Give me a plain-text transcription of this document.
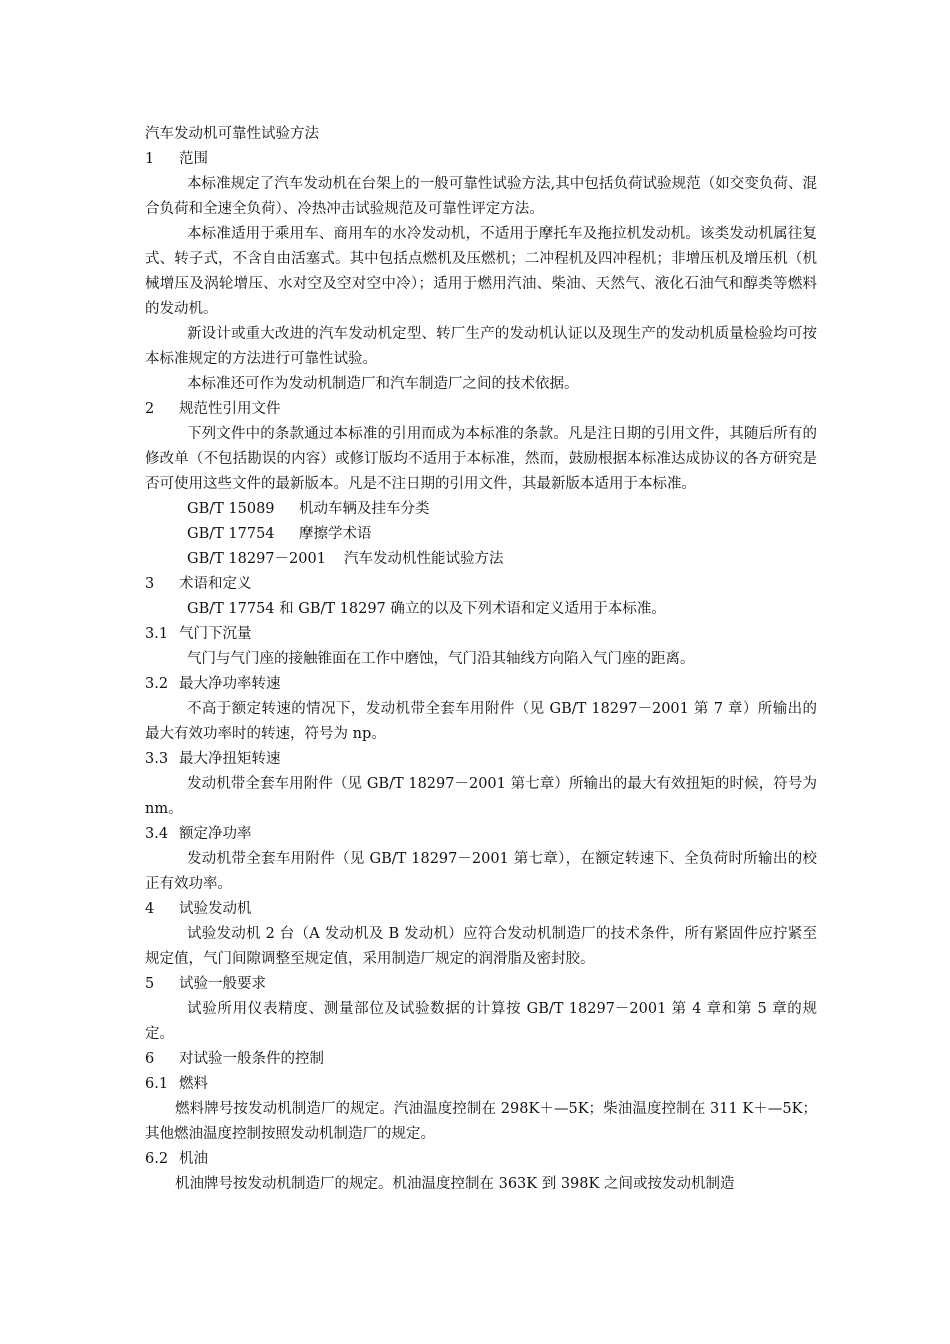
汽车发动机可靠性试验方法
1 范围
本标准规定了汽车发动机在台架上的一般可靠性试验方法,其中包括负荷试验规范（如交变负荷、混合负荷和全速全负荷）、冷热冲击试验规范及可靠性评定方法。
本标准适用于乘用车、商用车的水冷发动机，不适用于摩托车及拖拉机发动机。该类发动机属往复式、转子式，不含自由活塞式。其中包括点燃机及压燃机；二冲程机及四冲程机；非增压机及增压机（机械增压及涡轮增压、水对空及空对空中冷）；适用于燃用汽油、柴油、天然气、液化石油气和醇类等燃料的发动机。
新设计或重大改进的汽车发动机定型、转厂生产的发动机认证以及现生产的发动机质量检验均可按本标准规定的方法进行可靠性试验。
本标准还可作为发动机制造厂和汽车制造厂之间的技术依据。
2 规范性引用文件
下列文件中的条款通过本标准的引用而成为本标准的条款。凡是注日期的引用文件，其随后所有的修改单（不包括勘误的内容）或修订版均不适用于本标准，然而，鼓励根据本标准达成协议的各方研究是否可使用这些文件的最新版本。凡是不注日期的引用文件，其最新版本适用于本标准。
GB/T 15089 机动车辆及挂车分类
GB/T 17754 摩擦学术语
GB/T 18297－2001 汽车发动机性能试验方法
3 术语和定义
GB/T 17754 和 GB/T 18297 确立的以及下列术语和定义适用于本标准。
3.1 气门下沉量
气门与气门座的接触锥面在工作中磨蚀，气门沿其轴线方向陷入气门座的距离。
3.2 最大净功率转速
不高于额定转速的情况下，发动机带全套车用附件（见 GB/T 18297－2001 第 7 章）所输出的最大有效功率时的转速，符号为 np。
3.3 最大净扭矩转速
发动机带全套车用附件（见 GB/T 18297－2001 第七章）所输出的最大有效扭矩的时候，符号为 nm。
3.4 额定净功率
发动机带全套车用附件（见 GB/T 18297－2001 第七章），在额定转速下、全负荷时所输出的校正有效功率。
4 试验发动机
试验发动机 2 台（A 发动机及 B 发动机）应符合发动机制造厂的技术条件，所有紧固件应拧紧至规定值，气门间隙调整至规定值，采用制造厂规定的润滑脂及密封胶。
5 试验一般要求
试验所用仪表精度、测量部位及试验数据的计算按 GB/T 18297－2001 第 4 章和第 5 章的规定。
6 对试验一般条件的控制
6.1 燃料
燃料牌号按发动机制造厂的规定。汽油温度控制在 298K＋—5K；柴油温度控制在 311 K＋—5K；其他燃油温度控制按照发动机制造厂的规定。
6.2 机油
机油牌号按发动机制造厂的规定。机油温度控制在 363K 到 398K 之间或按发动机制造
